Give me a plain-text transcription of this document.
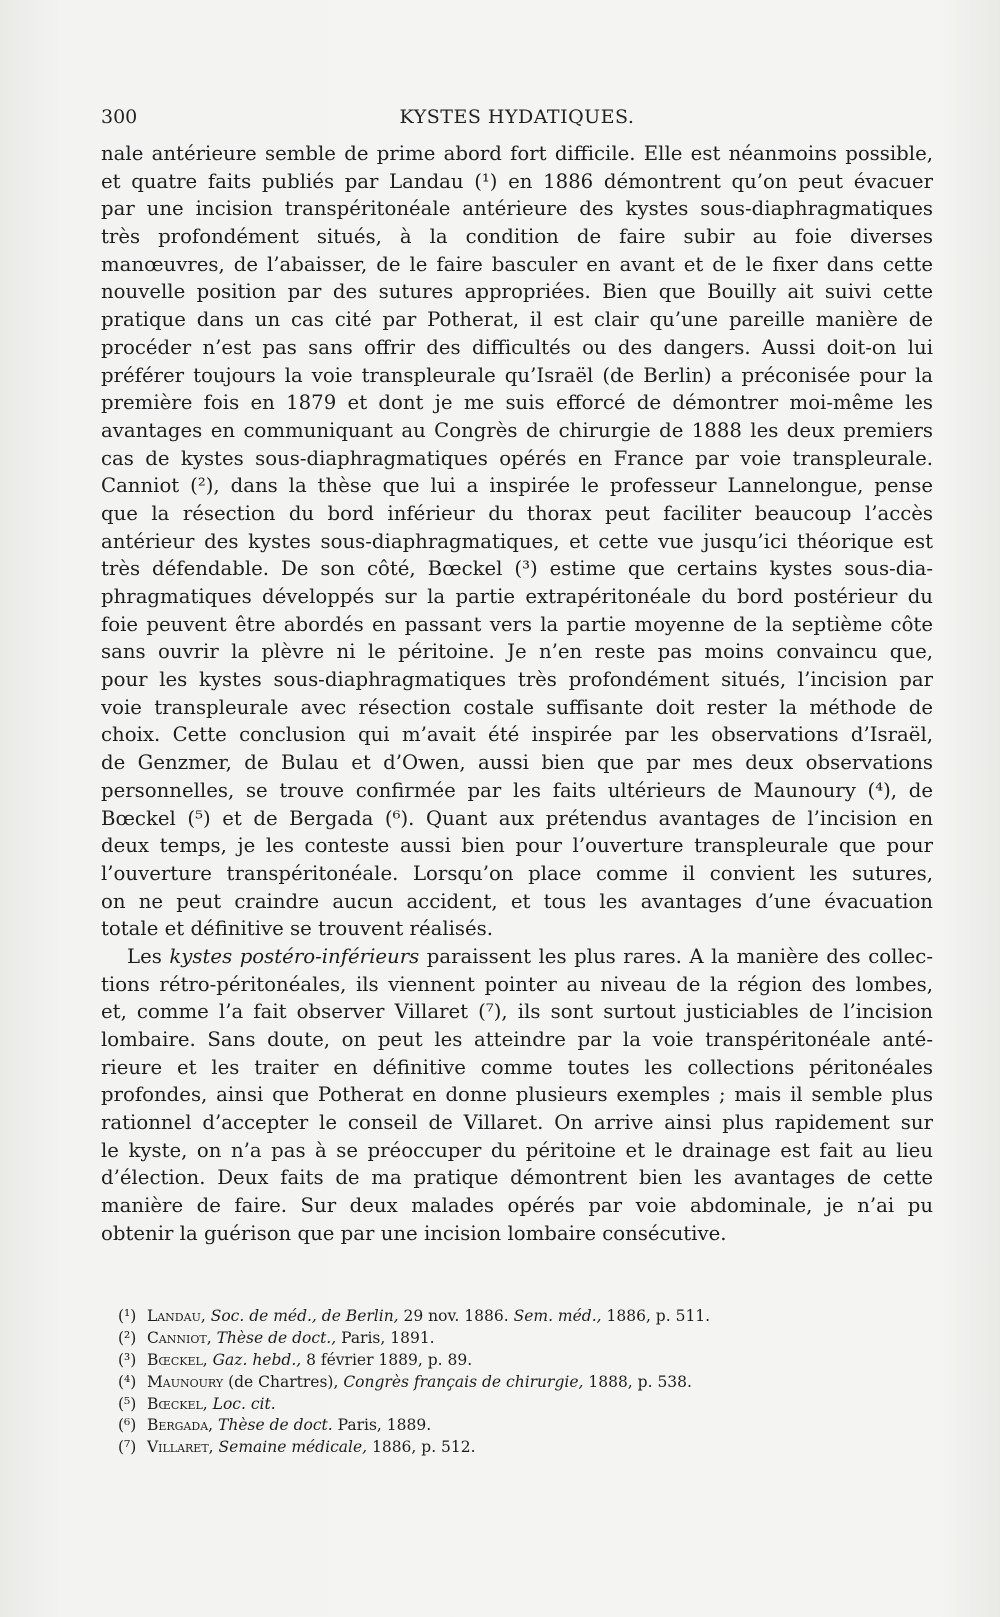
300	KYSTES HYDATIQUES.
nale antérieure semble de prime abord fort difficile. Elle est néanmoins possible,
et quatre faits publiés par Landau (¹) en 1886 démontrent qu’on peut évacuer
par une incision transpéritonéale antérieure des kystes sous-diaphragmatiques
très profondément situés, à la condition de faire subir au foie diverses
manœuvres, de l’abaisser, de le faire basculer en avant et de le fixer dans cette
nouvelle position par des sutures appropriées. Bien que Bouilly ait suivi cette
pratique dans un cas cité par Potherat, il est clair qu’une pareille manière de
procéder n’est pas sans offrir des difficultés ou des dangers. Aussi doit-on lui
préférer toujours la voie transpleurale qu’Israël (de Berlin) a préconisée pour la
première fois en 1879 et dont je me suis efforcé de démontrer moi-même les
avantages en communiquant au Congrès de chirurgie de 1888 les deux premiers
cas de kystes sous-diaphragmatiques opérés en France par voie transpleurale.
Canniot (²), dans la thèse que lui a inspirée le professeur Lannelongue, pense
que la résection du bord inférieur du thorax peut faciliter beaucoup l’accès
antérieur des kystes sous-diaphragmatiques, et cette vue jusqu’ici théorique est
très défendable. De son côté, Bœckel (³) estime que certains kystes sous-dia-
phragmatiques développés sur la partie extrapéritonéale du bord postérieur du
foie peuvent être abordés en passant vers la partie moyenne de la septième côte
sans ouvrir la plèvre ni le péritoine. Je n’en reste pas moins convaincu que,
pour les kystes sous-diaphragmatiques très profondément situés, l’incision par
voie transpleurale avec résection costale suffisante doit rester la méthode de
choix. Cette conclusion qui m’avait été inspirée par les observations d’Israël,
de Genzmer, de Bulau et d’Owen, aussi bien que par mes deux observations
personnelles, se trouve confirmée par les faits ultérieurs de Maunoury (⁴), de
Bœckel (⁵) et de Bergada (⁶). Quant aux prétendus avantages de l’incision en
deux temps, je les conteste aussi bien pour l’ouverture transpleurale que pour
l’ouverture transpéritonéale. Lorsqu’on place comme il convient les sutures,
on ne peut craindre aucun accident, et tous les avantages d’une évacuation
totale et définitive se trouvent réalisés.
Les kystes postéro-inférieurs paraissent les plus rares. A la manière des collec-
tions rétro-péritonéales, ils viennent pointer au niveau de la région des lombes,
et, comme l’a fait observer Villaret (⁷), ils sont surtout justiciables de l’incision
lombaire. Sans doute, on peut les atteindre par la voie transpéritonéale anté-
rieure et les traiter en définitive comme toutes les collections péritonéales
profondes, ainsi que Potherat en donne plusieurs exemples ; mais il semble plus
rationnel d’accepter le conseil de Villaret. On arrive ainsi plus rapidement sur
le kyste, on n’a pas à se préoccuper du péritoine et le drainage est fait au lieu
d’élection. Deux faits de ma pratique démontrent bien les avantages de cette
manière de faire. Sur deux malades opérés par voie abdominale, je n’ai pu
obtenir la guérison que par une incision lombaire consécutive.
(¹) Landau, Soc. de méd., de Berlin, 29 nov. 1886. Sem. méd., 1886, p. 511.
(²) Canniot, Thèse de doct., Paris, 1891.
(³) Bœckel, Gaz. hebd., 8 février 1889, p. 89.
(⁴) Maunoury (de Chartres), Congrès français de chirurgie, 1888, p. 538.
(⁵) Bœckel, Loc. cit.
(⁶) Bergada, Thèse de doct. Paris, 1889.
(⁷) Villaret, Semaine médicale, 1886, p. 512.
